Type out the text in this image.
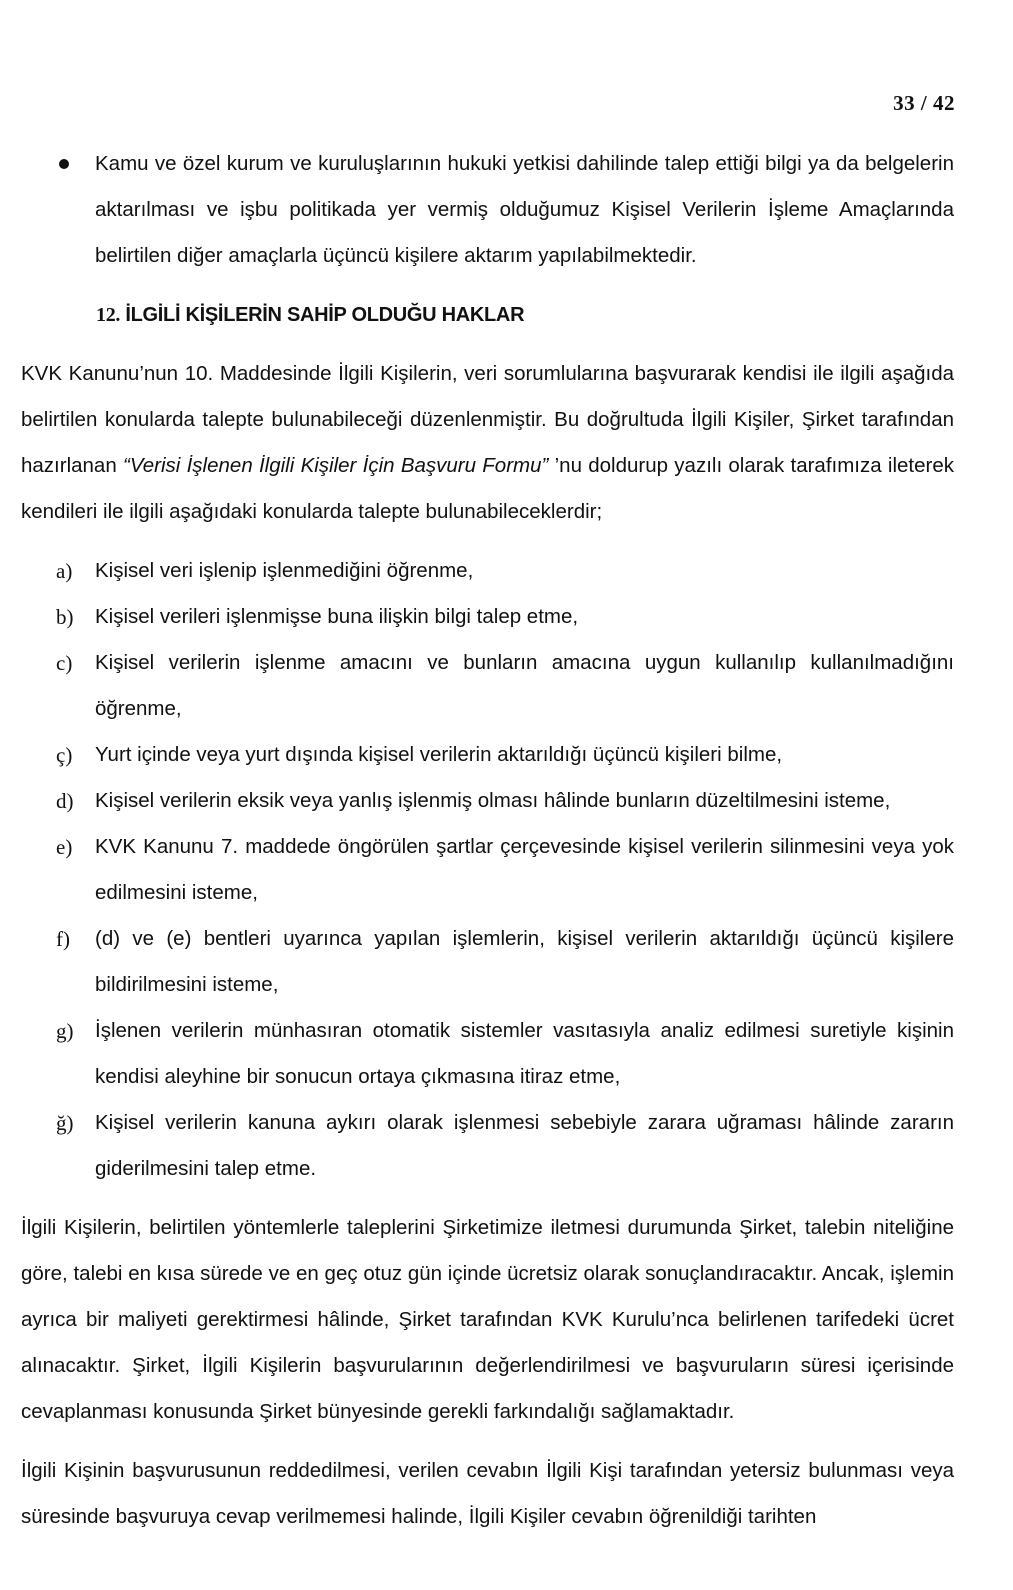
33 / 42
Kamu ve özel kurum ve kuruluşlarının hukuki yetkisi dahilinde talep ettiği bilgi ya da belgelerin aktarılması ve işbu politikada yer vermiş olduğumuz Kişisel Verilerin İşleme Amaçlarında belirtilen diğer amaçlarla üçüncü kişilere aktarım yapılabilmektedir.
12. İLGİLİ KİŞİLERİN SAHİP OLDUĞU HAKLAR

KVK Kanunu’nun 10. Maddesinde İlgili Kişilerin, veri sorumlularına başvurarak kendisi ile ilgili aşağıda belirtilen konularda talepte bulunabileceği düzenlenmiştir. Bu doğrultuda İlgili Kişiler, Şirket tarafından hazırlanan “Verisi İşlenen İlgili Kişiler İçin Başvuru Formu” ’nu doldurup yazılı olarak tarafımıza ileterek kendileri ile ilgili aşağıdaki konularda talepte bulunabileceklerdir;

a) Kişisel veri işlenip işlenmediğini öğrenme,
b) Kişisel verileri işlenmişse buna ilişkin bilgi talep etme,
c) Kişisel verilerin işlenme amacını ve bunların amacına uygun kullanılıp kullanılmadığını öğrenme,
ç) Yurt içinde veya yurt dışında kişisel verilerin aktarıldığı üçüncü kişileri bilme,
d) Kişisel verilerin eksik veya yanlış işlenmiş olması hâlinde bunların düzeltilmesini isteme,
e) KVK Kanunu 7. maddede öngörülen şartlar çerçevesinde kişisel verilerin silinmesini veya yok edilmesini isteme,
f) (d) ve (e) bentleri uyarınca yapılan işlemlerin, kişisel verilerin aktarıldığı üçüncü kişilere bildirilmesini isteme,
g) İşlenen verilerin münhasıran otomatik sistemler vasıtasıyla analiz edilmesi suretiyle kişinin kendisi aleyhine bir sonucun ortaya çıkmasına itiraz etme,
ğ) Kişisel verilerin kanuna aykırı olarak işlenmesi sebebiyle zarara uğraması hâlinde zararın giderilmesini talep etme.

İlgili Kişilerin, belirtilen yöntemlerle taleplerini Şirketimize iletmesi durumunda Şirket, talebin niteliğine göre, talebi en kısa sürede ve en geç otuz gün içinde ücretsiz olarak sonuçlandıracaktır. Ancak, işlemin ayrıca bir maliyeti gerektirmesi hâlinde, Şirket tarafından KVK Kurulu’nca belirlenen tarifedeki ücret alınacaktır. Şirket, İlgili Kişilerin başvurularının değerlendirilmesi ve başvuruların süresi içerisinde cevaplanması konusunda Şirket bünyesinde gerekli farkındalığı sağlamaktadır.

İlgili Kişinin başvurusunun reddedilmesi, verilen cevabın İlgili Kişi tarafından yetersiz bulunması veya süresinde başvuruya cevap verilmemesi halinde, İlgili Kişiler cevabın öğrenildiği tarihten
